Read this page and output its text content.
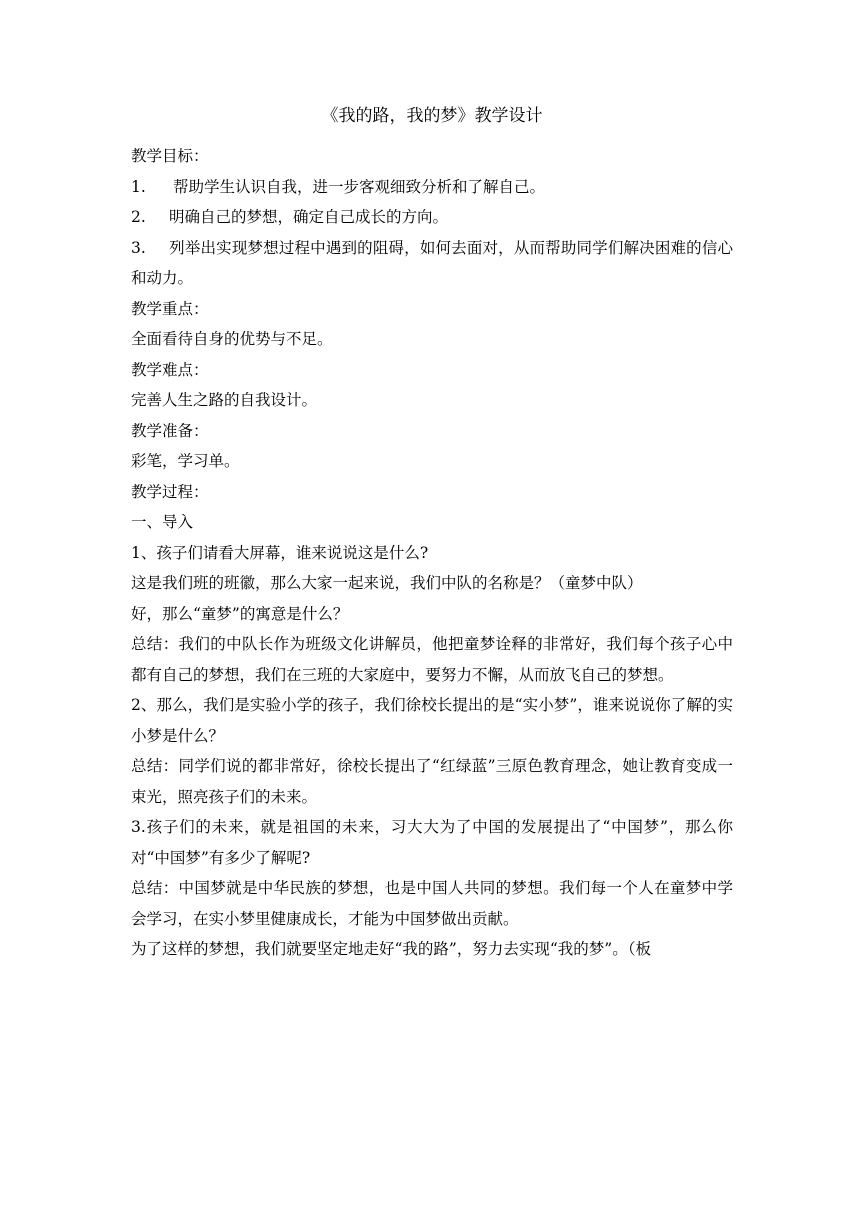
《我的路，我的梦》教学设计

教学目标：

1. 帮助学生认识自我，进一步客观细致分析和了解自己。

2. 明确自己的梦想，确定自己成长的方向。

3. 列举出实现梦想过程中遇到的阻碍，如何去面对，从而帮助同学们解决困难的信心和动力。

教学重点：

全面看待自身的优势与不足。

教学难点：

完善人生之路的自我设计。

教学准备：

彩笔，学习单。

教学过程：

一、导入

1、孩子们请看大屏幕，谁来说说这是什么?

这是我们班的班徽，那么大家一起来说，我们中队的名称是？（童梦中队）

好，那么“童梦”的寓意是什么？

总结：我们的中队长作为班级文化讲解员，他把童梦诠释的非常好，我们每个孩子心中都有自己的梦想，我们在三班的大家庭中，要努力不懈，从而放飞自己的梦想。

2、那么，我们是实验小学的孩子，我们徐校长提出的是“实小梦”，谁来说说你了解的实小梦是什么？

总结：同学们说的都非常好，徐校长提出了“红绿蓝”三原色教育理念，她让教育变成一束光，照亮孩子们的未来。

3.孩子们的未来，就是祖国的未来，习大大为了中国的发展提出了“中国梦”，那么你对“中国梦”有多少了解呢?

总结：中国梦就是中华民族的梦想，也是中国人共同的梦想。我们每一个人在童梦中学会学习，在实小梦里健康成长，才能为中国梦做出贡献。

为了这样的梦想，我们就要坚定地走好“我的路”，努力去实现“我的梦”。（板
